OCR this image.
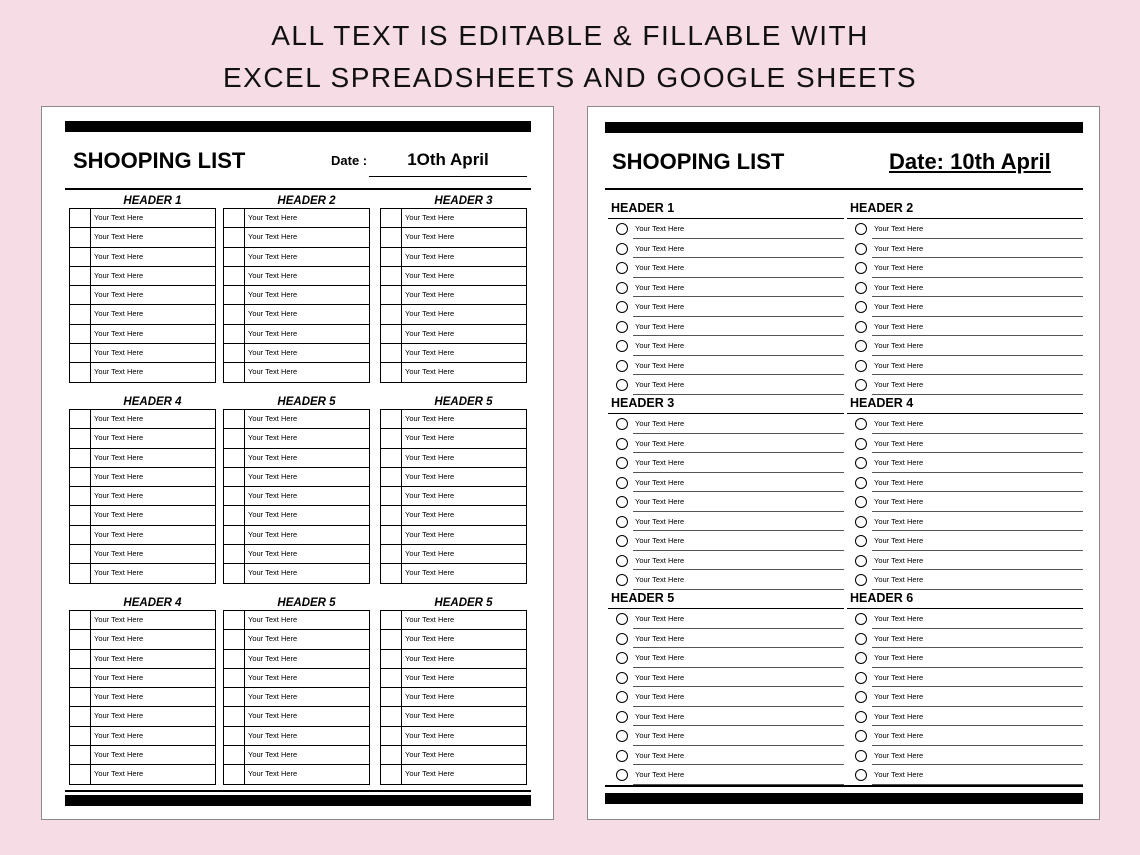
ALL TEXT IS EDITABLE & FILLABLE WITH
EXCEL SPREADSHEETS AND GOOGLE SHEETS
SHOOPING LIST	Date :	1Oth April
HEADER 1
Your Text Here
Your Text Here
Your Text Here
Your Text Here
Your Text Here
Your Text Here
Your Text Here
Your Text Here
Your Text Here
HEADER 2
Your Text Here
Your Text Here
Your Text Here
Your Text Here
Your Text Here
Your Text Here
Your Text Here
Your Text Here
Your Text Here
HEADER 3
Your Text Here
Your Text Here
Your Text Here
Your Text Here
Your Text Here
Your Text Here
Your Text Here
Your Text Here
Your Text Here
HEADER 4
Your Text Here
Your Text Here
Your Text Here
Your Text Here
Your Text Here
Your Text Here
Your Text Here
Your Text Here
Your Text Here
HEADER 5
Your Text Here
Your Text Here
Your Text Here
Your Text Here
Your Text Here
Your Text Here
Your Text Here
Your Text Here
Your Text Here
HEADER 5
Your Text Here
Your Text Here
Your Text Here
Your Text Here
Your Text Here
Your Text Here
Your Text Here
Your Text Here
Your Text Here
HEADER 4
Your Text Here
Your Text Here
Your Text Here
Your Text Here
Your Text Here
Your Text Here
Your Text Here
Your Text Here
Your Text Here
HEADER 5
Your Text Here
Your Text Here
Your Text Here
Your Text Here
Your Text Here
Your Text Here
Your Text Here
Your Text Here
Your Text Here
HEADER 5
Your Text Here
Your Text Here
Your Text Here
Your Text Here
Your Text Here
Your Text Here
Your Text Here
Your Text Here
Your Text Here
SHOOPING LIST	Date: 10th April
HEADER 1
Your Text Here
Your Text Here
Your Text Here
Your Text Here
Your Text Here
Your Text Here
Your Text Here
Your Text Here
Your Text Here
HEADER 2
Your Text Here
Your Text Here
Your Text Here
Your Text Here
Your Text Here
Your Text Here
Your Text Here
Your Text Here
Your Text Here
HEADER 3
Your Text Here
Your Text Here
Your Text Here
Your Text Here
Your Text Here
Your Text Here
Your Text Here
Your Text Here
Your Text Here
HEADER 4
Your Text Here
Your Text Here
Your Text Here
Your Text Here
Your Text Here
Your Text Here
Your Text Here
Your Text Here
Your Text Here
HEADER 5
Your Text Here
Your Text Here
Your Text Here
Your Text Here
Your Text Here
Your Text Here
Your Text Here
Your Text Here
Your Text Here
HEADER 6
Your Text Here
Your Text Here
Your Text Here
Your Text Here
Your Text Here
Your Text Here
Your Text Here
Your Text Here
Your Text Here
